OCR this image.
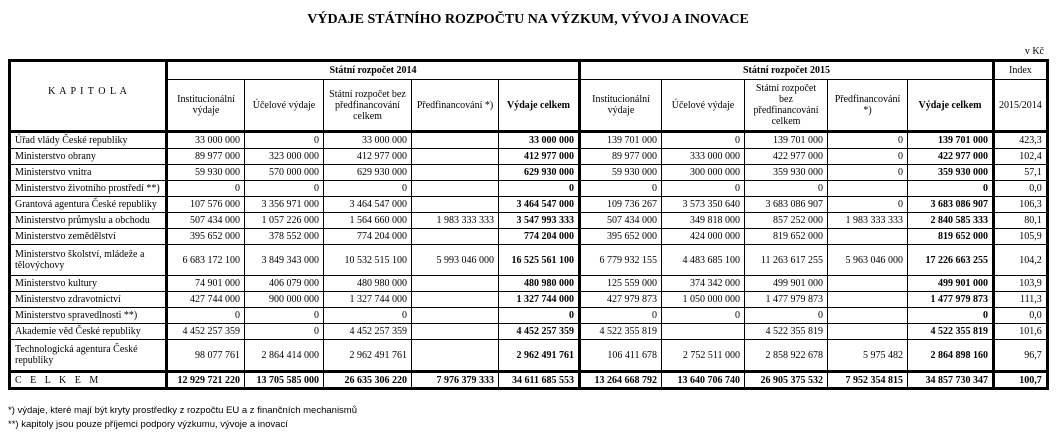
VÝDAJE STÁTNÍHO ROZPOČTU NA VÝZKUM, VÝVOJ A INOVACE
v Kč
K A P I T O L A	Státní rozpočet 2014					Státní rozpočet 2015					Index
	Institucionální výdaje	Účelové výdaje	Státní rozpočet bez předfinancování celkem	Předfinancování *)	Výdaje celkem	Institucionální výdaje	Účelové výdaje	Státní rozpočet bez předfinancování celkem	Předfinancování *)	Výdaje celkem	2015/2014
Úřad vlády České republiky	33 000 000	0	33 000 000		33 000 000	139 701 000	0	139 701 000	0	139 701 000	423,3
Ministerstvo obrany	89 977 000	323 000 000	412 977 000		412 977 000	89 977 000	333 000 000	422 977 000	0	422 977 000	102,4
Ministerstvo vnitra	59 930 000	570 000 000	629 930 000		629 930 000	59 930 000	300 000 000	359 930 000	0	359 930 000	57,1
Ministerstvo životního prostředí **)	0	0	0		0	0	0	0		0	0,0
Grantová agentura České republiky	107 576 000	3 356 971 000	3 464 547 000		3 464 547 000	109 736 267	3 573 350 640	3 683 086 907	0	3 683 086 907	106,3
Ministerstvo průmyslu a obchodu	507 434 000	1 057 226 000	1 564 660 000	1 983 333 333	3 547 993 333	507 434 000	349 818 000	857 252 000	1 983 333 333	2 840 585 333	80,1
Ministerstvo zemědělství	395 652 000	378 552 000	774 204 000		774 204 000	395 652 000	424 000 000	819 652 000		819 652 000	105,9
Ministerstvo školství, mládeže a tělovýchovy	6 683 172 100	3 849 343 000	10 532 515 100	5 993 046 000	16 525 561 100	6 779 932 155	4 483 685 100	11 263 617 255	5 963 046 000	17 226 663 255	104,2
Ministerstvo kultury	74 901 000	406 079 000	480 980 000		480 980 000	125 559 000	374 342 000	499 901 000		499 901 000	103,9
Ministerstvo zdravotnictví	427 744 000	900 000 000	1 327 744 000		1 327 744 000	427 979 873	1 050 000 000	1 477 979 873		1 477 979 873	111,3
Ministerstvo spravedlnosti **)	0	0	0		0	0	0	0		0	0,0
Akademie věd České republiky	4 452 257 359	0	4 452 257 359		4 452 257 359	4 522 355 819		4 522 355 819		4 522 355 819	101,6
Technologická agentura České republiky	98 077 761	2 864 414 000	2 962 491 761		2 962 491 761	106 411 678	2 752 511 000	2 858 922 678	5 975 482	2 864 898 160	96,7
C E L K E M	12 929 721 220	13 705 585 000	26 635 306 220	7 976 379 333	34 611 685 553	13 264 668 792	13 640 706 740	26 905 375 532	7 952 354 815	34 857 730 347	100,7
*) výdaje, které mají být kryty prostředky z rozpočtu EU a z finančních mechanismů
**) kapitoly jsou pouze příjemci podpory výzkumu, vývoje a inovací
